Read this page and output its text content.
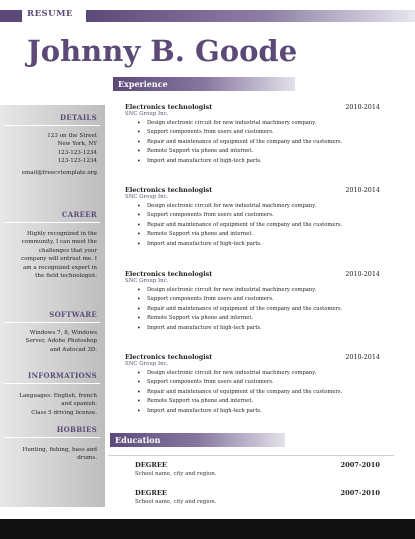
RESUME
Johnny B. Goode
DETAILS
123 on the Street
New York, NY
123-123-1234
123-123-1234
email@freecvtemplate.org
CAREER
Highly recognized in the
community, I can meet the
challenges that your
company will entrust me. I
am a recognized expert in
the field technologist.
SOFTWARE
Windows 7, 8, Windows
Server, Adobe Photoshop
and Autocad 3D.
INFORMATIONS
Languages: English, french
and spanish.
Class 5 driving license.
HOBBIES
Hunting, fishing, bass and
drums.
Experience
Electronics technologist	2010-2014
SNC Group Inc.
• Design electronic circuit for new industrial machinery company.
• Support components from users and customers.
• Repair and maintenance of equipment of the company and the customers.
• Remote Support via phone and internet.
• Import and manufacture of high-tech parts.
Electronics technologist	2010-2014
SNC Group Inc.
• Design electronic circuit for new industrial machinery company.
• Support components from users and customers.
• Repair and maintenance of equipment of the company and the customers.
• Remote Support via phone and internet.
• Import and manufacture of high-tech parts.
Electronics technologist	2010-2014
SNC Group Inc.
• Design electronic circuit for new industrial machinery company.
• Support components from users and customers.
• Repair and maintenance of equipment of the company and the customers.
• Remote Support via phone and internet.
• Import and manufacture of high-tech parts.
Electronics technologist	2010-2014
SNC Group Inc.
• Design electronic circuit for new industrial machinery company.
• Support components from users and customers.
• Repair and maintenance of equipment of the company and the customers.
• Remote Support via phone and internet.
• Import and manufacture of high-tech parts.
Education
DEGREE	2007-2010
School name, city and region.
DEGREE	2007-2010
School name, city and region.
